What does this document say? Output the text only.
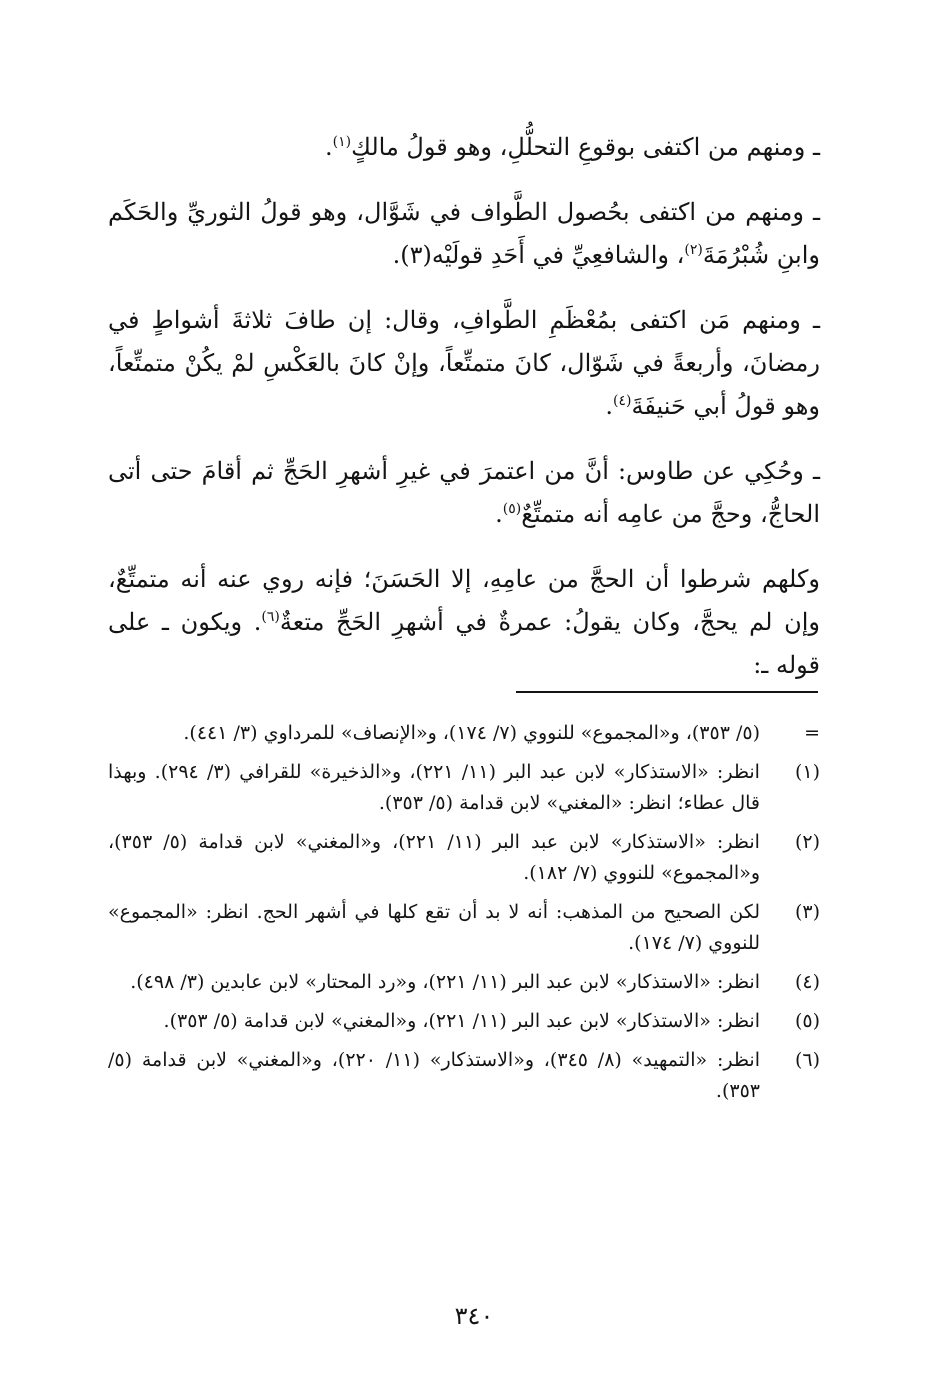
ـ ومنهم من اكتفى بوقوعِ التحلُّلِ، وهو قولُ مالكٍ$^{(١)}$.

ـ ومنهم من اكتفى بحُصول الطَّواف في شَوَّال، وهو قولُ الثوريِّ والحَكَم وابنِ شُبْرُمَةَ$^{(٢)}$، والشافعِيِّ في أَحَدِ قولَيْه(٣).

ـ ومنهم مَن اكتفى بمُعْظَمِ الطَّوافِ، وقال: إن طافَ ثلاثةَ أشواطٍ في رمضانَ، وأربعةً في شَوّال، كانَ متمتِّعاً، وإنْ كانَ بالعَكْسِ لمْ يكُنْ متمتِّعاً، وهو قولُ أبي حَنيفَةَ$^{(٤)}$.

ـ وحُكِي عن طاوس: أنَّ من اعتمرَ في غيرِ أشهرِ الحَجِّ ثم أقامَ حتى أتى الحاجُّ، وحجَّ من عامِه أنه متمتِّعٌ$^{(٥)}$.

وكلهم شرطوا أن الحجَّ من عامِهِ، إلا الحَسَنَ؛ فإنه روي عنه أنه متمتِّعٌ، وإن لم يحجَّ، وكان يقولُ: عمرةٌ في أشهرِ الحَجِّ متعةٌ$^{(٦)}$. ويكون ـ على قوله ـ:

=
(٥/ ٣٥٣)، و«المجموع» للنووي (٧/ ١٧٤)، و«الإنصاف» للمرداوي (٣/ ٤٤١).
(١)
انظر: «الاستذكار» لابن عبد البر (١١/ ٢٢١)، و«الذخيرة» للقرافي (٣/ ٢٩٤). وبهذا قال عطاء؛ انظر: «المغني» لابن قدامة (٥/ ٣٥٣).
(٢)
انظر: «الاستذكار» لابن عبد البر (١١/ ٢٢١)، و«المغني» لابن قدامة (٥/ ٣٥٣)، و«المجموع» للنووي (٧/ ١٨٢).
(٣)
لكن الصحيح من المذهب: أنه لا بد أن تقع كلها في أشهر الحج. انظر: «المجموع» للنووي (٧/ ١٧٤).
(٤)
انظر: «الاستذكار» لابن عبد البر (١١/ ٢٢١)، و«رد المحتار» لابن عابدين (٣/ ٤٩٨).
(٥)
انظر: «الاستذكار» لابن عبد البر (١١/ ٢٢١)، و«المغني» لابن قدامة (٥/ ٣٥٣).
(٦)
انظر: «التمهيد» (٨/ ٣٤٥)، و«الاستذكار» (١١/ ٢٢٠)، و«المغني» لابن قدامة (٥/ ٣٥٣).
٣٤٠
